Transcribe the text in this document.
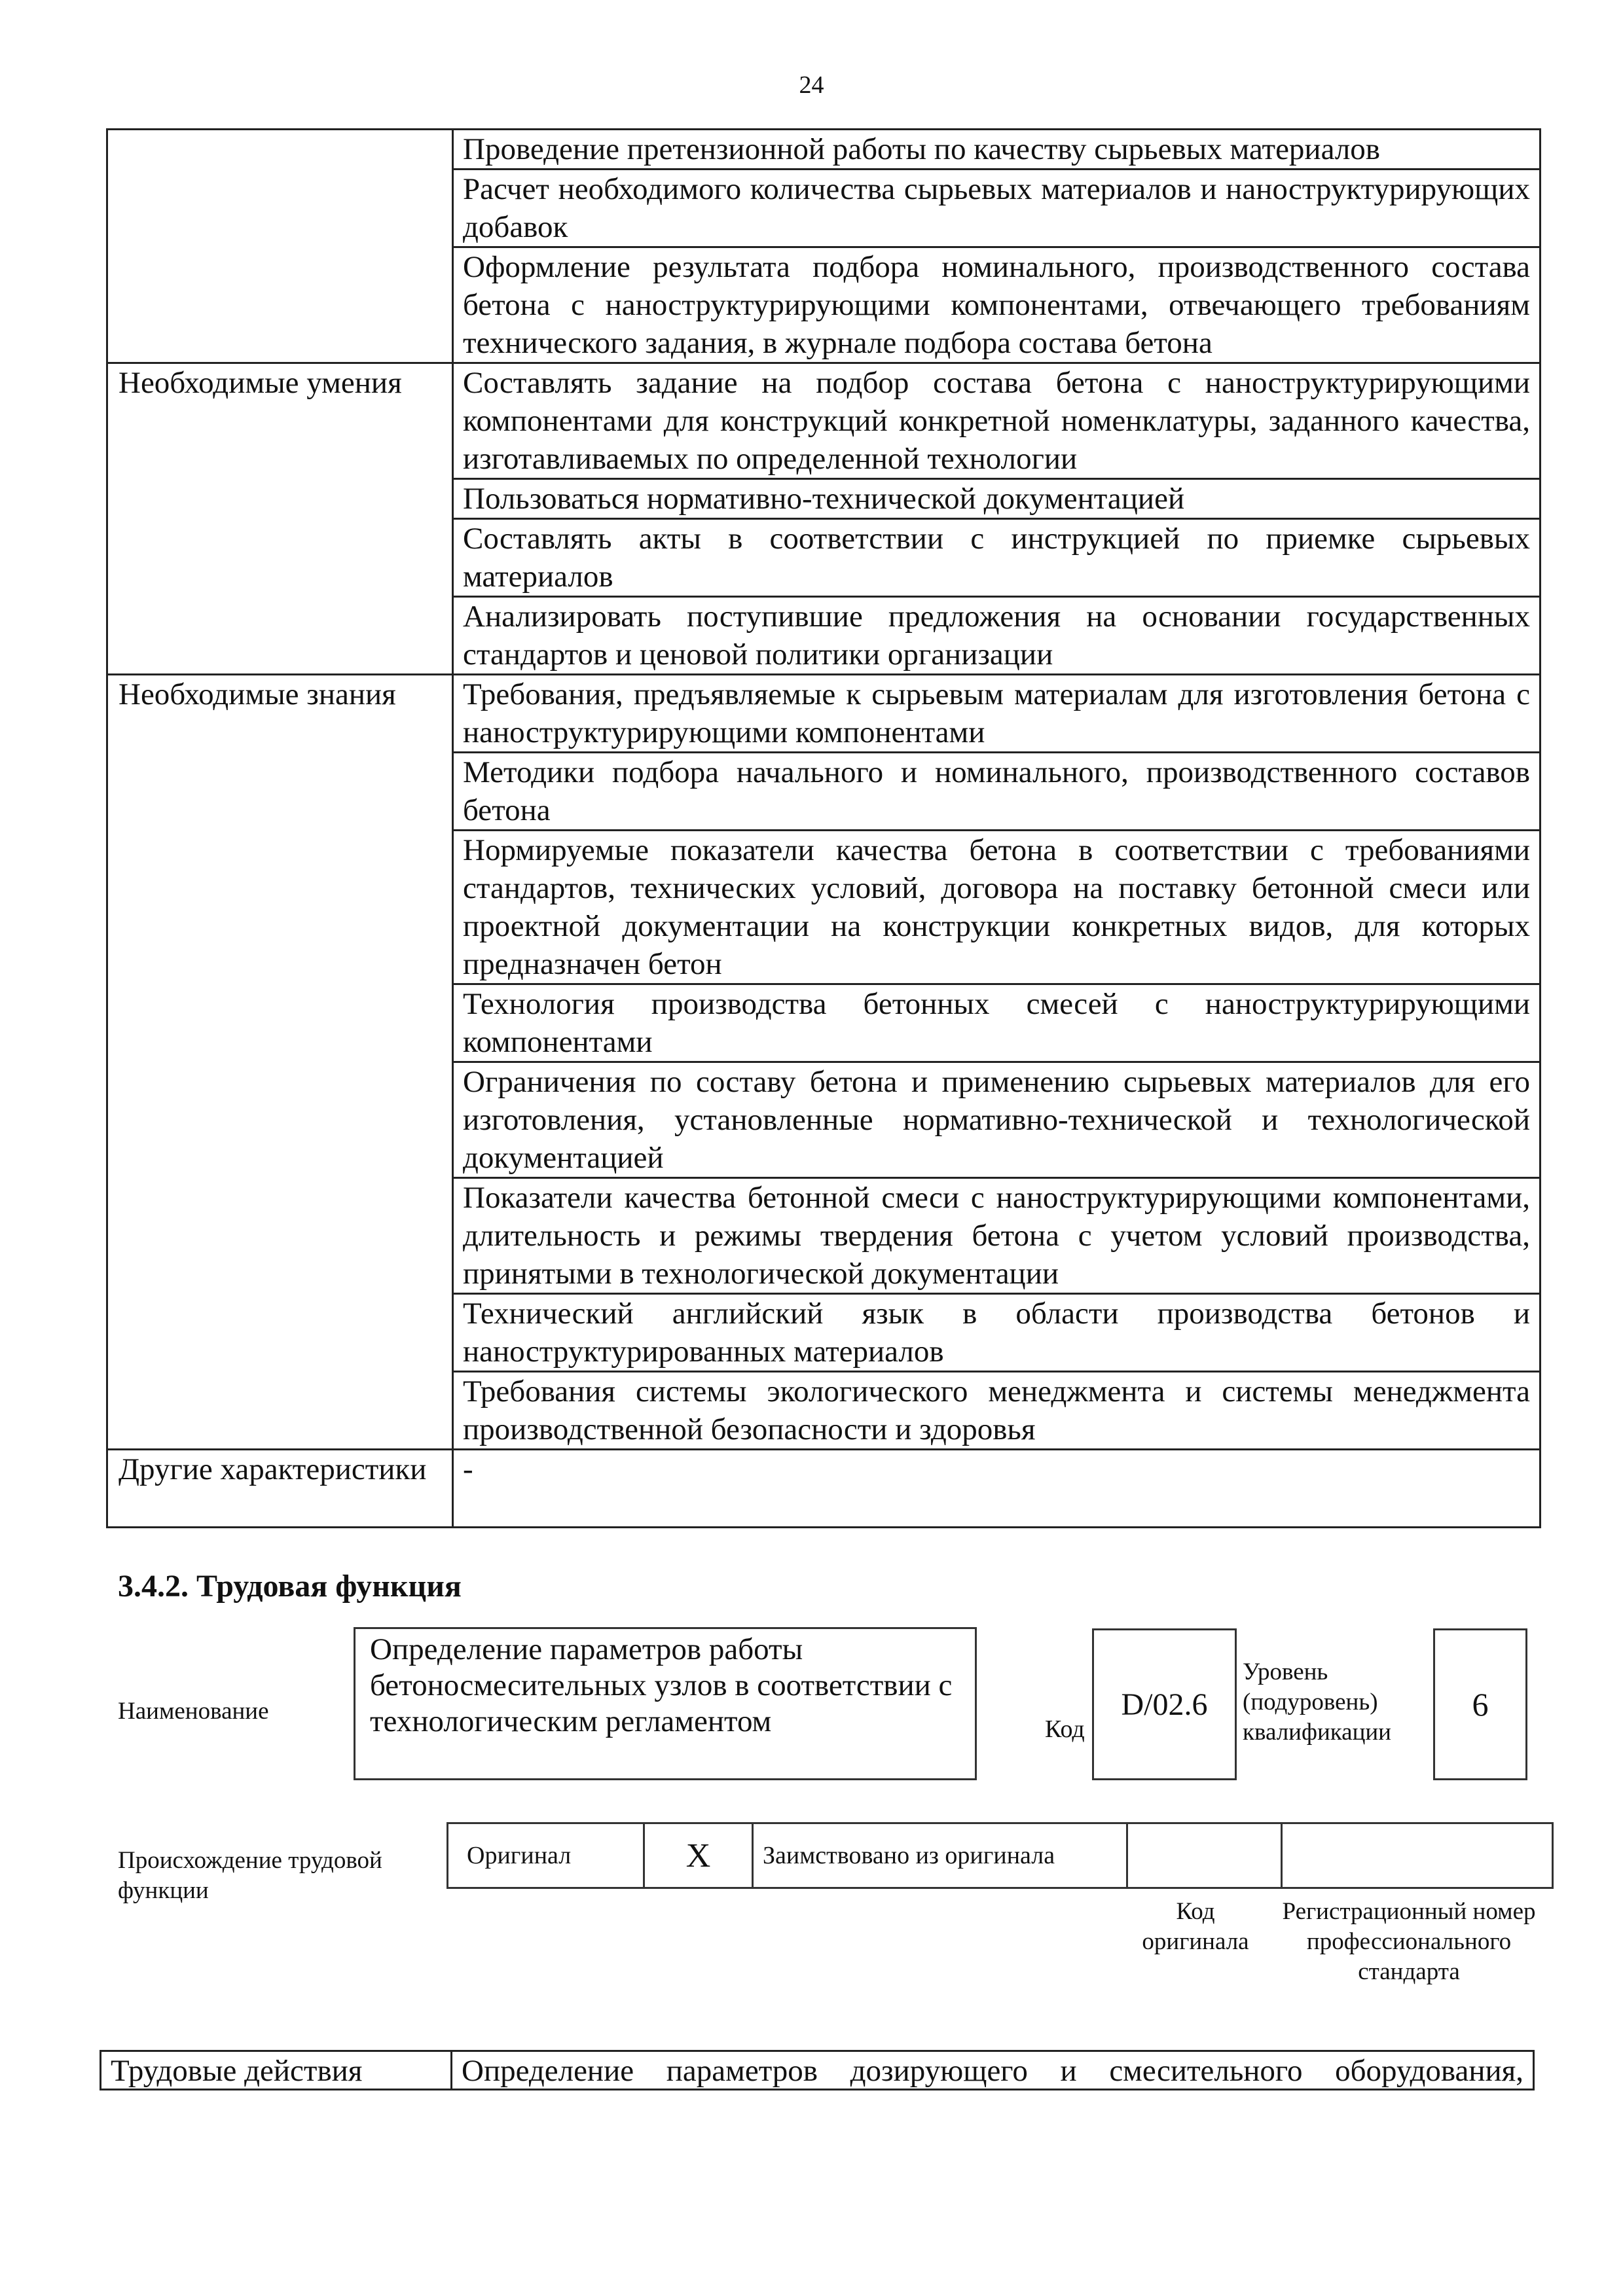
24
	Проведение претензионной работы по качеству сырьевых материалов
	Расчет необходимого количества сырьевых материалов и наноструктурирующих добавок
	Оформление результата подбора номинального, производственного состава бетона с наноструктурирующими компонентами, отвечающего требованиям технического задания, в журнале подбора состава бетона
Необходимые умения	Составлять задание на подбор состава бетона с наноструктурирующими компонентами для конструкций конкретной номенклатуры, заданного качества, изготавливаемых по определенной технологии
	Пользоваться нормативно-технической документацией
	Составлять акты в соответствии с инструкцией по приемке сырьевых материалов
	Анализировать поступившие предложения на основании государственных стандартов и ценовой политики организации
Необходимые знания	Требования, предъявляемые к сырьевым материалам для изготовления бетона с наноструктурирующими компонентами
	Методики подбора начального и номинального, производственного составов бетона
	Нормируемые показатели качества бетона в соответствии с требованиями стандартов, технических условий, договора на поставку бетонной смеси или проектной документации на конструкции конкретных видов, для которых предназначен бетон
	Технология производства бетонных смесей с наноструктурирующими компонентами
	Ограничения по составу бетона и применению сырьевых материалов для его изготовления, установленные нормативно-технической и технологической документацией
	Показатели качества бетонной смеси с наноструктурирующими компонентами, длительность и режимы твердения бетона с учетом условий производства, принятыми в технологической документации
	Технический английский язык в области производства бетонов и наноструктурированных материалов
	Требования системы экологического менеджмента и системы менеджмента производственной безопасности и здоровья
Другие характеристики	-
3.4.2. Трудовая функция
Наименование
Определение параметров работы бетоносмесительных узлов в соответствии с технологическим регламентом	Код
D/02.6
Уровень (подуровень) квалификации
6
Происхождение трудовой функции
Оригинал	X	Заимствовано из оригинала		
Код оригинала
Регистрационный номер профессионального стандарта
Трудовые действия	Определение параметров дозирующего и смесительного оборудования,
